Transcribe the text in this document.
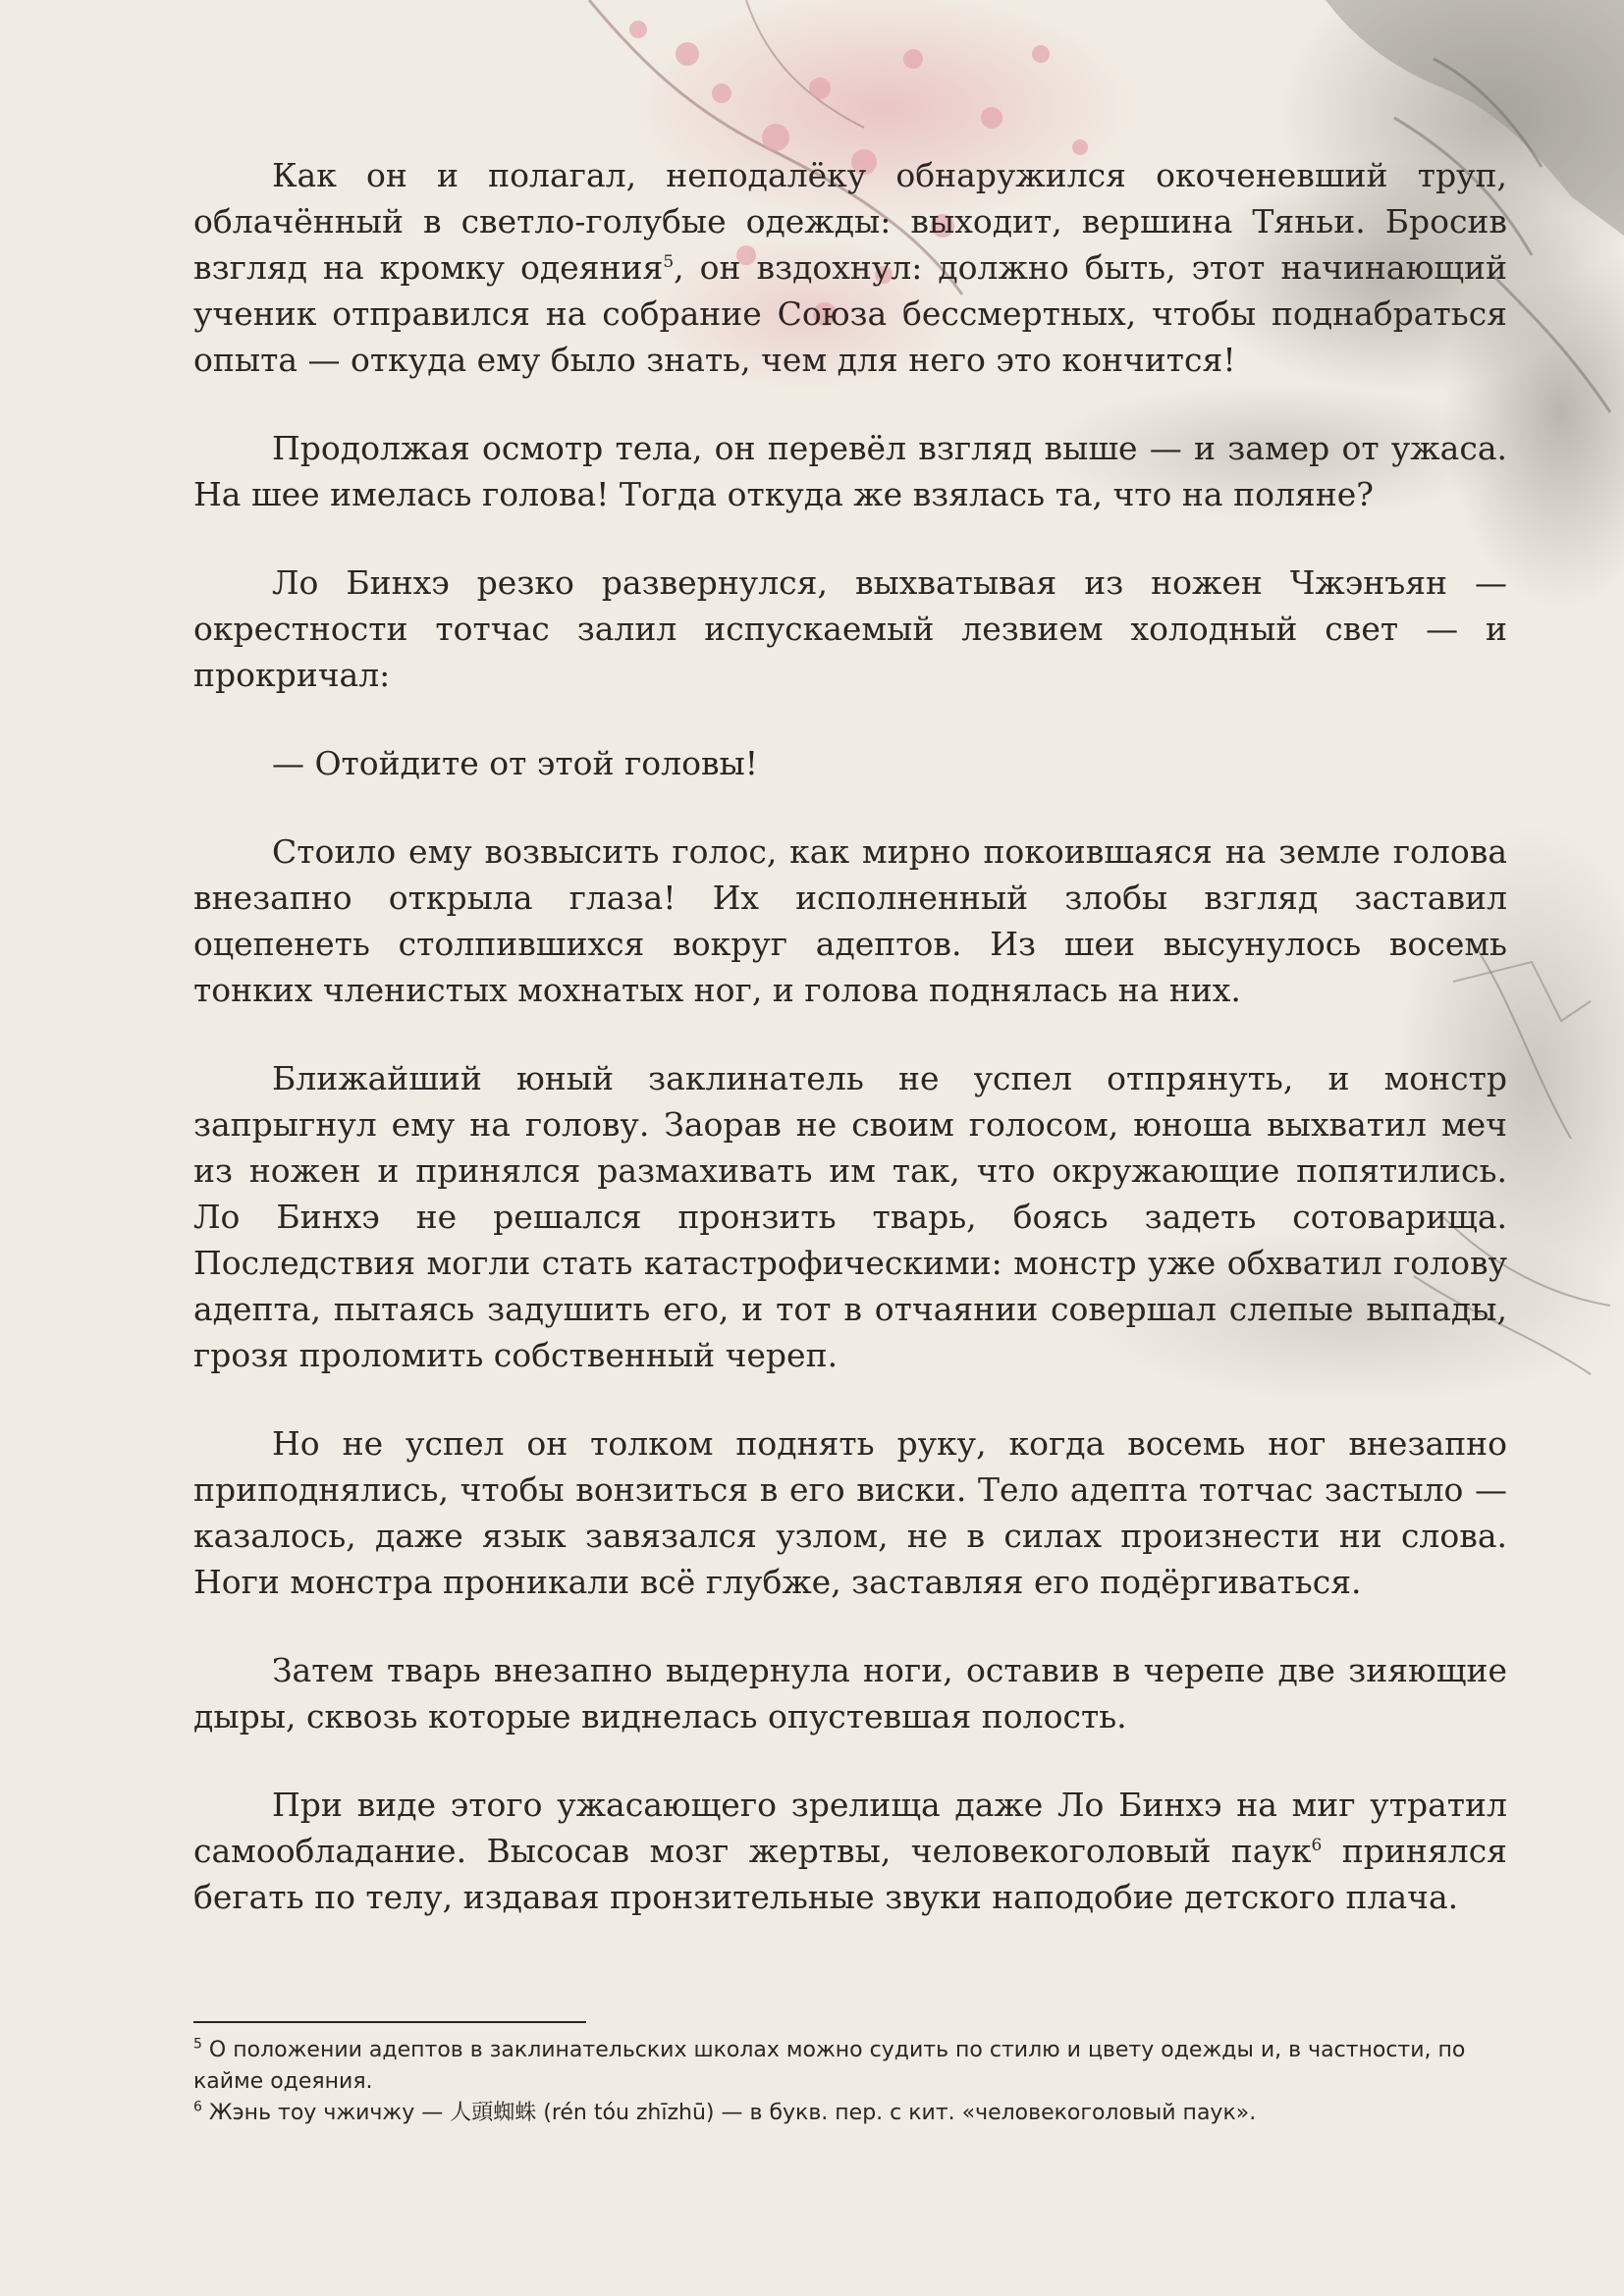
Как он и полагал, неподалёку обнаружился окоченевший труп, облачённый в светло-голубые одежды: выходит, вершина Тяньи. Бросив взгляд на кромку одеяния$^5$, он вздохнул: должно быть, этот начинающий ученик отправился на собрание Союза бессмертных, чтобы поднабраться опыта — откуда ему было знать, чем для него это кончится!

Продолжая осмотр тела, он перевёл взгляд выше — и замер от ужаса. На шее имелась голова! Тогда откуда же взялась та, что на поляне?

Ло Бинхэ резко развернулся, выхватывая из ножен Чжэнъян — окрестности тотчас залил испускаемый лезвием холодный свет — и прокричал:

— Отойдите от этой головы!

Стоило ему возвысить голос, как мирно покоившаяся на земле голова внезапно открыла глаза! Их исполненный злобы взгляд заставил оцепенеть столпившихся вокруг адептов. Из шеи высунулось восемь тонких членистых мохнатых ног, и голова поднялась на них.

Ближайший юный заклинатель не успел отпрянуть, и монстр запрыгнул ему на голову. Заорав не своим голосом, юноша выхватил меч из ножен и принялся размахивать им так, что окружающие попятились. Ло Бинхэ не решался пронзить тварь, боясь задеть сотоварища. Последствия могли стать катастрофическими: монстр уже обхватил голову адепта, пытаясь задушить его, и тот в отчаянии совершал слепые выпады, грозя проломить собственный череп.

Но не успел он толком поднять руку, когда восемь ног внезапно приподнялись, чтобы вонзиться в его виски. Тело адепта тотчас застыло — казалось, даже язык завязался узлом, не в силах произнести ни слова. Ноги монстра проникали всё глубже, заставляя его подёргиваться.

Затем тварь внезапно выдернула ноги, оставив в черепе две зияющие дыры, сквозь которые виднелась опустевшая полость.

При виде этого ужасающего зрелища даже Ло Бинхэ на миг утратил самообладание. Высосав мозг жертвы, человекоголовый паук$^6$ принялся бегать по телу, издавая пронзительные звуки наподобие детского плача.

$^5$ О положении адептов в заклинательских школах можно судить по стилю и цвету одежды и, в частности, по кайме одеяния.

$^6$ Жэнь тоу чжичжу — 人頭蜘蛛 (rén tóu zhīzhū) — в букв. пер. с кит. «человекоголовый паук».
